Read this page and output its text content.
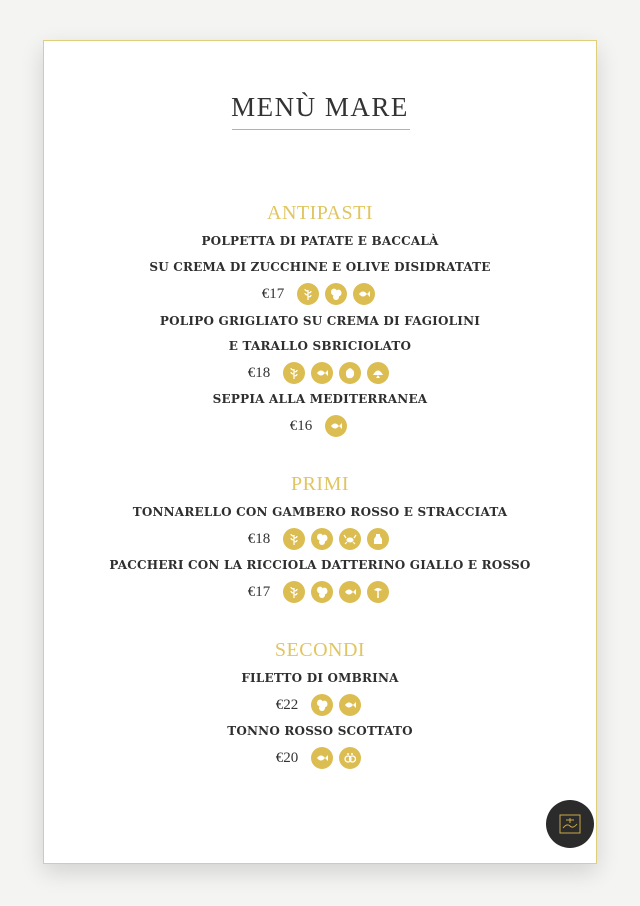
MENÙ MARE
ANTIPASTI
POLPETTA DI PATATE E BACCALÀ
SU CREMA DI ZUCCHINE E OLIVE DISIDRATATE
€17
POLIPO GRIGLIATO SU CREMA DI FAGIOLINI
E TARALLO SBRICIOLATO
€18
SEPPIA ALLA MEDITERRANEA
€16
PRIMI
TONNARELLO CON GAMBERO ROSSO E STRACCIATA
€18
PACCHERI CON LA RICCIOLA DATTERINO GIALLO E ROSSO
€17
SECONDI
FILETTO DI OMBRINA
€22
TONNO ROSSO SCOTTATO
€20
